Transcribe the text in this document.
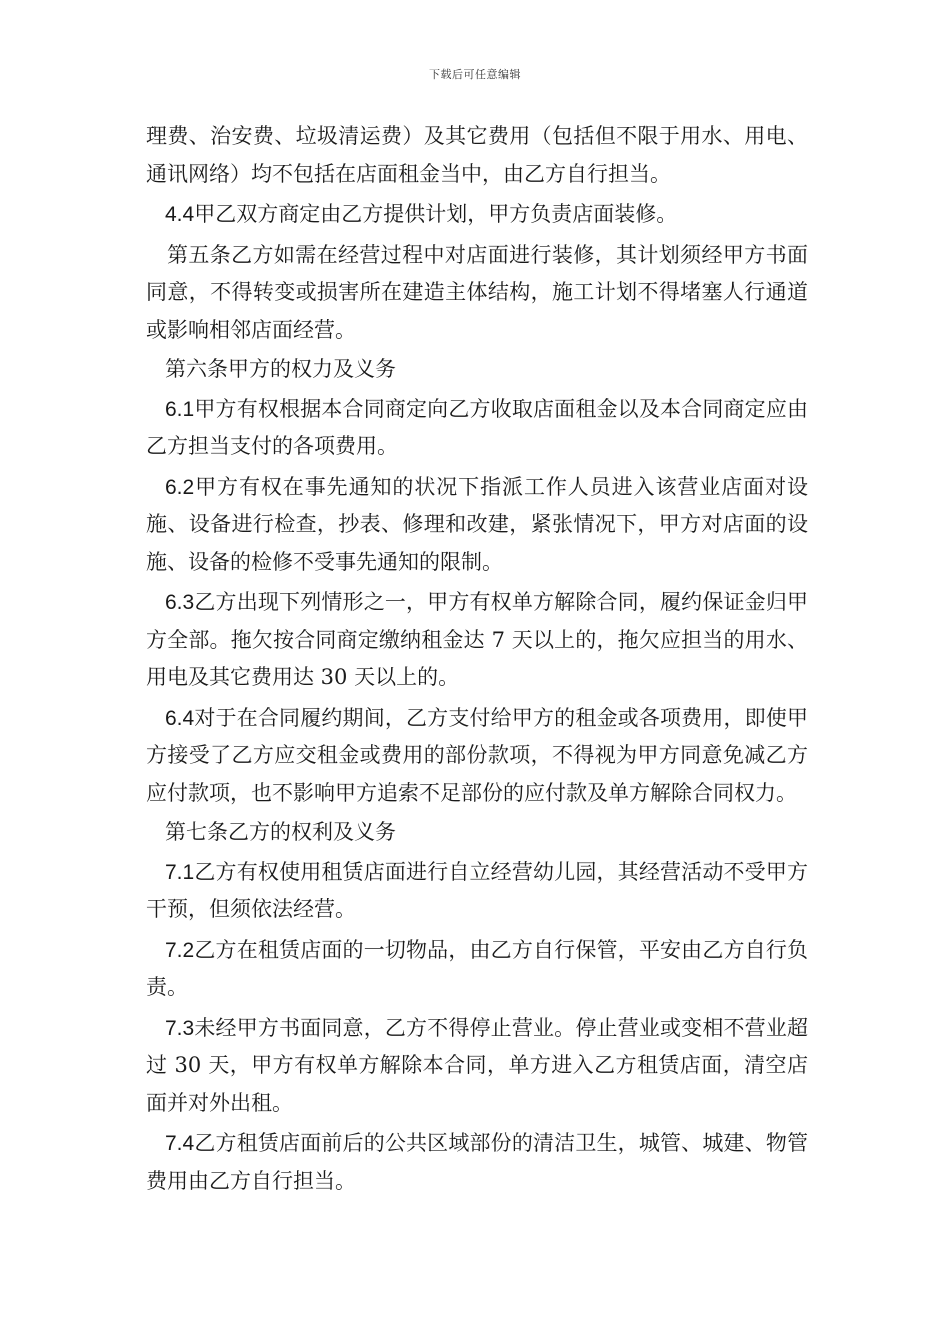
下载后可任意编辑

理费、治安费、垃圾清运费）及其它费用（包括但不限于用水、用电、通讯网络）均不包括在店面租金当中，由乙方自行担当。

4.4甲乙双方商定由乙方提供计划，甲方负责店面装修。

第五条乙方如需在经营过程中对店面进行装修，其计划须经甲方书面同意，不得转变或损害所在建造主体结构，施工计划不得堵塞人行通道或影响相邻店面经营。

第六条甲方的权力及义务

6.1甲方有权根据本合同商定向乙方收取店面租金以及本合同商定应由乙方担当支付的各项费用。

6.2甲方有权在事先通知的状况下指派工作人员进入该营业店面对设施、设备进行检查，抄表、修理和改建，紧张情况下，甲方对店面的设施、设备的检修不受事先通知的限制。

6.3乙方出现下列情形之一，甲方有权单方解除合同，履约保证金归甲方全部。拖欠按合同商定缴纳租金达 7 天以上的，拖欠应担当的用水、用电及其它费用达 30 天以上的。

6.4对于在合同履约期间，乙方支付给甲方的租金或各项费用，即使甲方接受了乙方应交租金或费用的部份款项，不得视为甲方同意免减乙方应付款项，也不影响甲方追索不足部份的应付款及单方解除合同权力。

第七条乙方的权利及义务

7.1乙方有权使用租赁店面进行自立经营幼儿园，其经营活动不受甲方干预，但须依法经营。

7.2乙方在租赁店面的一切物品，由乙方自行保管，平安由乙方自行负责。

7.3未经甲方书面同意，乙方不得停止营业。停止营业或变相不营业超过 30 天，甲方有权单方解除本合同，单方进入乙方租赁店面，清空店面并对外出租。

7.4乙方租赁店面前后的公共区域部份的清洁卫生，城管、城建、物管费用由乙方自行担当。
